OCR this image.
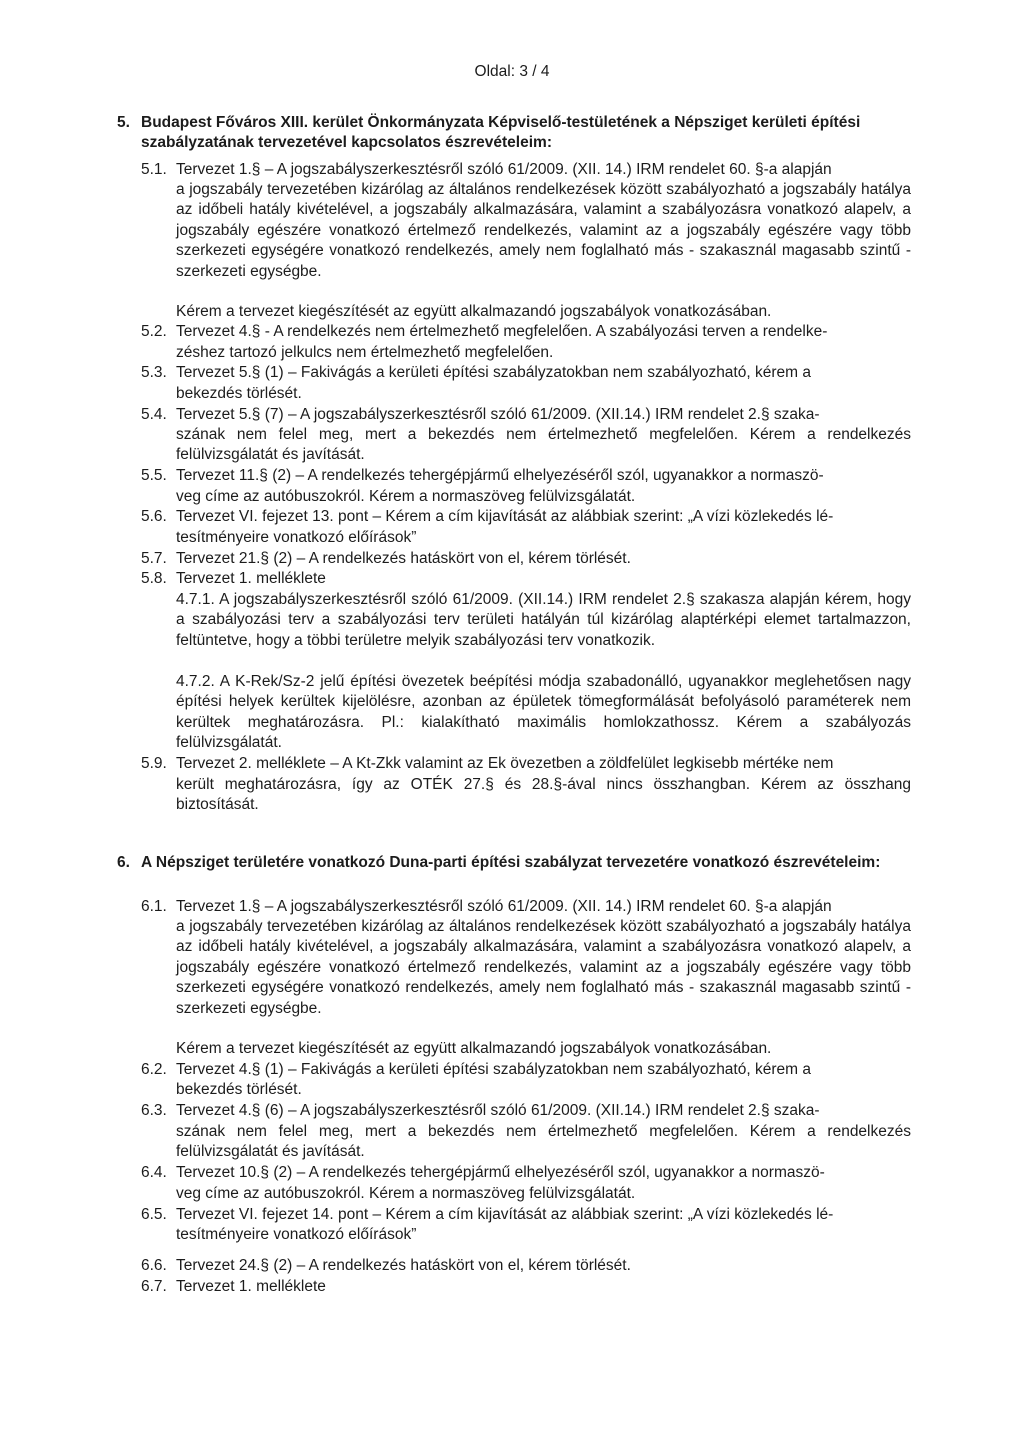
Oldal: 3 / 4
5. Budapest Főváros XIII. kerület Önkormányzata Képviselő-testületének a Népsziget kerületi építési szabályzatának tervezetével kapcsolatos észrevételeim:
5.1. Tervezet 1.§ – A jogszabályszerkesztésről szóló 61/2009. (XII. 14.) IRM rendelet 60. §-a alapján
a jogszabály tervezetében kizárólag az általános rendelkezések között szabályozható a jogszabály hatálya az időbeli hatály kivételével, a jogszabály alkalmazására, valamint a szabályozásra vonatkozó alapelv, a jogszabály egészére vonatkozó értelmező rendelkezés, valamint az a jogszabály egészére vagy több szerkezeti egységére vonatkozó rendelkezés, amely nem foglalható más - szakasznál magasabb szintű - szerkezeti egységbe.
Kérem a tervezet kiegészítését az együtt alkalmazandó jogszabályok vonatkozásában.
5.2. Tervezet 4.§ - A rendelkezés nem értelmezhető megfelelően. A szabályozási terven a rendelke-
zéshez tartozó jelkulcs nem értelmezhető megfelelően.
5.3. Tervezet 5.§ (1) – Fakivágás a kerületi építési szabályzatokban nem szabályozható, kérem a
bekezdés törlését.
5.4. Tervezet 5.§ (7) – A jogszabályszerkesztésről szóló 61/2009. (XII.14.) IRM rendelet 2.§ szaka-
szának nem felel meg, mert a bekezdés nem értelmezhető megfelelően. Kérem a rendelkezés felülvizsgálatát és javítását.
5.5. Tervezet 11.§ (2) – A rendelkezés tehergépjármű elhelyezéséről szól, ugyanakkor a normaszö-
veg címe az autóbuszokról. Kérem a normaszöveg felülvizsgálatát.
5.6. Tervezet VI. fejezet 13. pont – Kérem a cím kijavítását az alábbiak szerint: „A vízi közlekedés lé-
tesítményeire vonatkozó előírások”
5.7. Tervezet 21.§ (2) – A rendelkezés hatáskört von el, kérem törlését.
5.8. Tervezet 1. melléklete
4.7.1. A jogszabályszerkesztésről szóló 61/2009. (XII.14.) IRM rendelet 2.§ szakasza alapján kérem, hogy a szabályozási terv a szabályozási terv területi hatályán túl kizárólag alaptérképi elemet tartalmazzon, feltüntetve, hogy a többi területre melyik szabályozási terv vonatkozik.
4.7.2. A K-Rek/Sz-2 jelű építési övezetek beépítési módja szabadonálló, ugyanakkor meglehetősen nagy építési helyek kerültek kijelölésre, azonban az épületek tömegformálását befolyásoló paraméterek nem kerültek meghatározásra. Pl.: kialakítható maximális homlokzathossz. Kérem a szabályozás felülvizsgálatát.
5.9. Tervezet 2. melléklete – A Kt-Zkk valamint az Ek övezetben a zöldfelület legkisebb mértéke nem
került meghatározásra, így az OTÉK 27.§ és 28.§-ával nincs összhangban. Kérem az összhang biztosítását.
6. A Népsziget területére vonatkozó Duna-parti építési szabályzat tervezetére vonatkozó észrevételeim:
6.1. Tervezet 1.§ – A jogszabályszerkesztésről szóló 61/2009. (XII. 14.) IRM rendelet 60. §-a alapján
a jogszabály tervezetében kizárólag az általános rendelkezések között szabályozható a jogszabály hatálya az időbeli hatály kivételével, a jogszabály alkalmazására, valamint a szabályozásra vonatkozó alapelv, a jogszabály egészére vonatkozó értelmező rendelkezés, valamint az a jogszabály egészére vagy több szerkezeti egységére vonatkozó rendelkezés, amely nem foglalható más - szakasznál magasabb szintű - szerkezeti egységbe.
Kérem a tervezet kiegészítését az együtt alkalmazandó jogszabályok vonatkozásában.
6.2. Tervezet 4.§ (1) – Fakivágás a kerületi építési szabályzatokban nem szabályozható, kérem a
bekezdés törlését.
6.3. Tervezet 4.§ (6) – A jogszabályszerkesztésről szóló 61/2009. (XII.14.) IRM rendelet 2.§ szaka-
szának nem felel meg, mert a bekezdés nem értelmezhető megfelelően. Kérem a rendelkezés felülvizsgálatát és javítását.
6.4. Tervezet 10.§ (2) – A rendelkezés tehergépjármű elhelyezéséről szól, ugyanakkor a normaszö-
veg címe az autóbuszokról. Kérem a normaszöveg felülvizsgálatát.
6.5. Tervezet VI. fejezet 14. pont – Kérem a cím kijavítását az alábbiak szerint: „A vízi közlekedés lé-
tesítményeire vonatkozó előírások”
6.6. Tervezet 24.§ (2) – A rendelkezés hatáskört von el, kérem törlését.
6.7. Tervezet 1. melléklete
